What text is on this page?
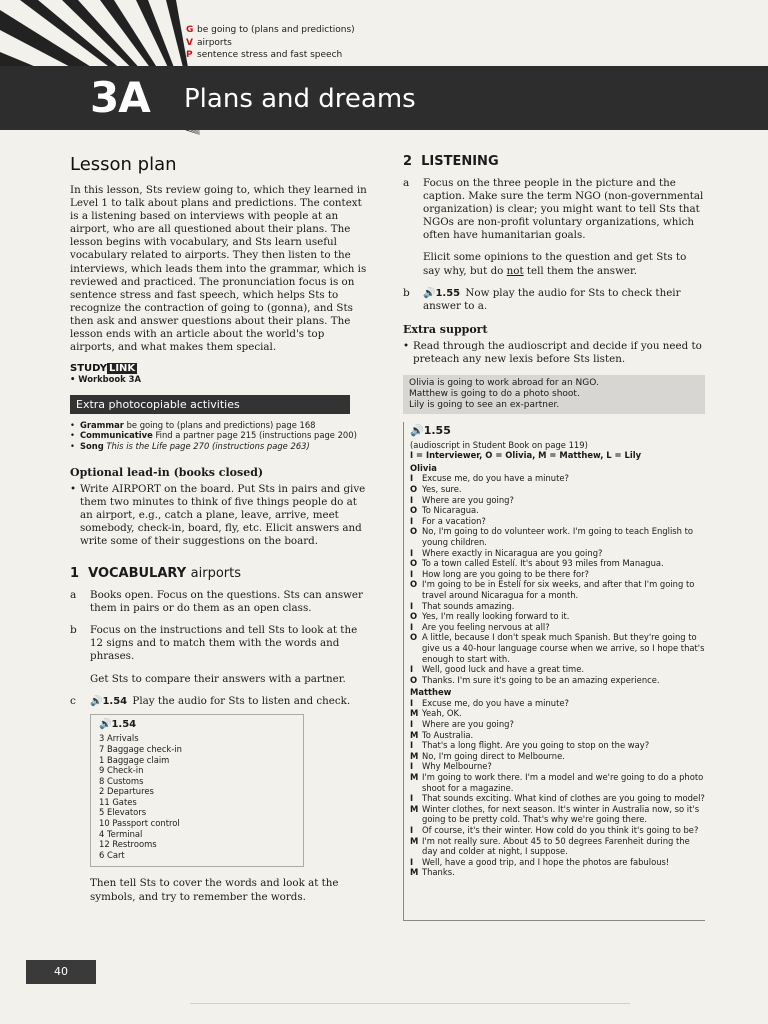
G be going to (plans and predictions)
V airports
P sentence stress and fast speech
3A Plans and dreams
Lesson plan

In this lesson, Sts review going to, which they learned in Level 1 to talk about plans and predictions. The context is a listening based on interviews with people at an airport, who are all questioned about their plans. The lesson begins with vocabulary, and Sts learn useful vocabulary related to airports. They then listen to the interviews, which leads them into the grammar, which is reviewed and practiced. The pronunciation focus is on sentence stress and fast speech, which helps Sts to recognize the contraction of going to (gonna), and Sts then ask and answer questions about their plans. The lesson ends with an article about the world's top airports, and what makes them special.

STUDY LINK
• Workbook 3A
Extra photocopiable activities
• Grammar be going to (plans and predictions) page 168
• Communicative Find a partner page 215 (instructions page 200)
• Song This is the Life page 270 (instructions page 263)
Optional lead-in (books closed)
• Write AIRPORT on the board. Put Sts in pairs and give them two minutes to think of five things people do at an airport, e.g., catch a plane, leave, arrive, meet somebody, check-in, board, fly, etc. Elicit answers and write some of their suggestions on the board.
1 VOCABULARY airports
a	Books open. Focus on the questions. Sts can answer them in pairs or do them as an open class.
b	Focus on the instructions and tell Sts to look at the 12 signs and to match them with the words and phrases.
Get Sts to compare their answers with a partner.
c	🔊1.54 Play the audio for Sts to listen and check.
🔊1.54
3 Arrivals
7 Baggage check-in
1 Baggage claim
9 Check-in
8 Customs
2 Departures
11 Gates
5 Elevators
10 Passport control
4 Terminal
12 Restrooms
6 Cart
Then tell Sts to cover the words and look at the symbols, and try to remember the words.
2 LISTENING
a	Focus on the three people in the picture and the caption. Make sure the term NGO (non-governmental organization) is clear; you might want to tell Sts that NGOs are non-profit voluntary organizations, which often have humanitarian goals.
Elicit some opinions to the question and get Sts to say why, but do not tell them the answer.
b	🔊1.55 Now play the audio for Sts to check their answer to a.
Extra support
• Read through the audioscript and decide if you need to preteach any new lexis before Sts listen.
Olivia is going to work abroad for an NGO.
Matthew is going to do a photo shoot.
Lily is going to see an ex-partner.
🔊1.55
(audioscript in Student Book on page 119)
I = Interviewer, O = Olivia, M = Matthew, L = Lily
Olivia
I	Excuse me, do you have a minute?
O Yes, sure.
I	Where are you going?
O To Nicaragua.
I	For a vacation?
O No, I'm going to do volunteer work. I'm going to teach English to young children.
I	Where exactly in Nicaragua are you going?
O To a town called Estelí. It's about 93 miles from Managua.
I	How long are you going to be there for?
O I'm going to be in Estelí for six weeks, and after that I'm going to travel around Nicaragua for a month.
I	That sounds amazing.
O Yes, I'm really looking forward to it.
I	Are you feeling nervous at all?
O A little, because I don't speak much Spanish. But they're going to give us a 40-hour language course when we arrive, so I hope that's enough to start with.
I	Well, good luck and have a great time.
O Thanks. I'm sure it's going to be an amazing experience.
Matthew
I	Excuse me, do you have a minute?
M Yeah, OK.
I	Where are you going?
M To Australia.
I	That's a long flight. Are you going to stop on the way?
M No, I'm going direct to Melbourne.
I	Why Melbourne?
M I'm going to work there. I'm a model and we're going to do a photo shoot for a magazine.
I	That sounds exciting. What kind of clothes are you going to model?
M Winter clothes, for next season. It's winter in Australia now, so it's going to be pretty cold. That's why we're going there.
I	Of course, it's their winter. How cold do you think it's going to be?
M I'm not really sure. About 45 to 50 degrees Farenheit during the day and colder at night, I suppose.
I	Well, have a good trip, and I hope the photos are fabulous!
M Thanks.
40
